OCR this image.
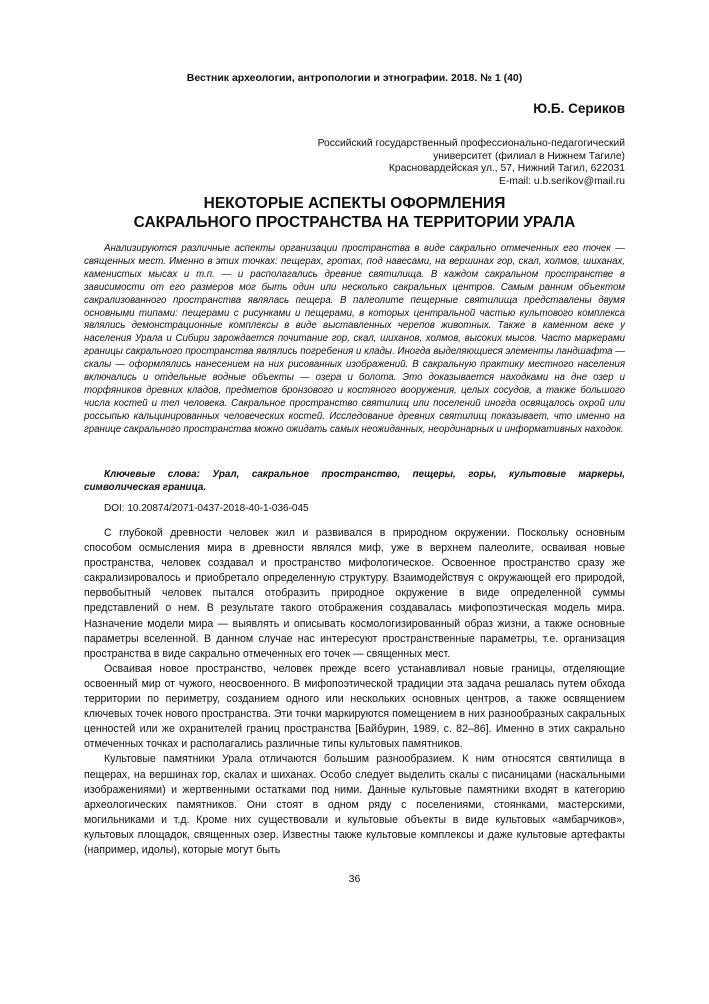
Вестник археологии, антропологии и этнографии. 2018. № 1 (40)
Ю.Б. Сериков
Российский государственный профессионально-педагогический
университет (филиал в Нижнем Тагиле)
Красновардейская ул., 57, Нижний Тагил, 622031
E-mail: u.b.serikov@mail.ru
НЕКОТОРЫЕ АСПЕКТЫ ОФОРМЛЕНИЯ
САКРАЛЬНОГО ПРОСТРАНСТВА НА ТЕРРИТОРИИ УРАЛА

Анализируются различные аспекты организации пространства в виде сакрально отмеченных его точек — священных мест. Именно в этих точках: пещерах, гротах, под навесами, на вершинах гор, скал, холмов, шиханах, каменистых мысах и т.п. — и располагались древние святилища. В каждом сакральном пространстве в зависимости от его размеров мог быть один или несколько сакральных центров. Самым ранним объектом сакрализованного пространства являлась пещера. В палеолите пещерные святилища представлены двумя основными типами: пещерами с рисунками и пещерами, в которых центральной частью культового комплекса являлись демонстрационные комплексы в виде выставленных черепов животных. Также в каменном веке у населения Урала и Сибири зарождается почитание гор, скал, шиханов, холмов, высоких мысов. Часто маркерами границы сакрального пространства являлись погребения и клады. Иногда выделяющиеся элементы ландшафта — скалы — оформлялись нанесением на них рисованных изображений. В сакральную практику местного населения включались и отдельные водные объекты — озера и болота. Это доказывается находками на дне озер и торфяников древних кладов, предметов бронзового и костяного вооружения, целых сосудов, а также большого числа костей и тел человека. Сакральное пространство святилищ или поселений иногда освящалось охрой или россыпью кальцинированных человеческих костей. Исследование древних святилищ показывает, что именно на границе сакрального пространства можно ожидать самых неожиданных, неординарных и информативных находок.

Ключевые слова: Урал, сакральное пространство, пещеры, горы, культовые маркеры, символическая граница.

DOI: 10.20874/2071-0437-2018-40-1-036-045

С глубокой древности человек жил и развивался в природном окружении. Поскольку основным способом осмысления мира в древности являлся миф, уже в верхнем палеолите, осваивая новые пространства, человек создавал и пространство мифологическое. Освоенное пространство сразу же сакрализировалось и приобретало определенную структуру. Взаимодействуя с окружающей его природой, первобытный человек пытался отобразить природное окружение в виде определенной суммы представлений о нем. В результате такого отображения создавалась мифопоэтическая модель мира. Назначение модели мира — выявлять и описывать космологизированный образ жизни, а также основные параметры вселенной. В данном случае нас интересуют пространственные параметры, т.е. организация пространства в виде сакрально отмеченных его точек — священных мест.

Осваивая новое пространство, человек прежде всего устанавливал новые границы, отделяющие освоенный мир от чужого, неосвоенного. В мифопоэтической традиции эта задача решалась путем обхода территории по периметру, созданием одного или нескольких основных центров, а также освящением ключевых точек нового пространства. Эти точки маркируются помещением в них разнообразных сакральных ценностей или же охранителей границ пространства [Байбурин, 1989, с. 82–86]. Именно в этих сакрально отмеченных точках и располагались различные типы культовых памятников.

Культовые памятники Урала отличаются большим разнообразием. К ним относятся святилища в пещерах, на вершинах гор, скалах и шиханах. Особо следует выделить скалы с писаницами (наскальными изображениями) и жертвенными остатками под ними. Данные культовые памятники входят в категорию археологических памятников. Они стоят в одном ряду с поселениями, стоянками, мастерскими, могильниками и т.д. Кроме них существовали и культовые объекты в виде культовых «амбарчиков», культовых площадок, священных озер. Известны также культовые комплексы и даже культовые артефакты (например, идолы), которые могут быть

36
